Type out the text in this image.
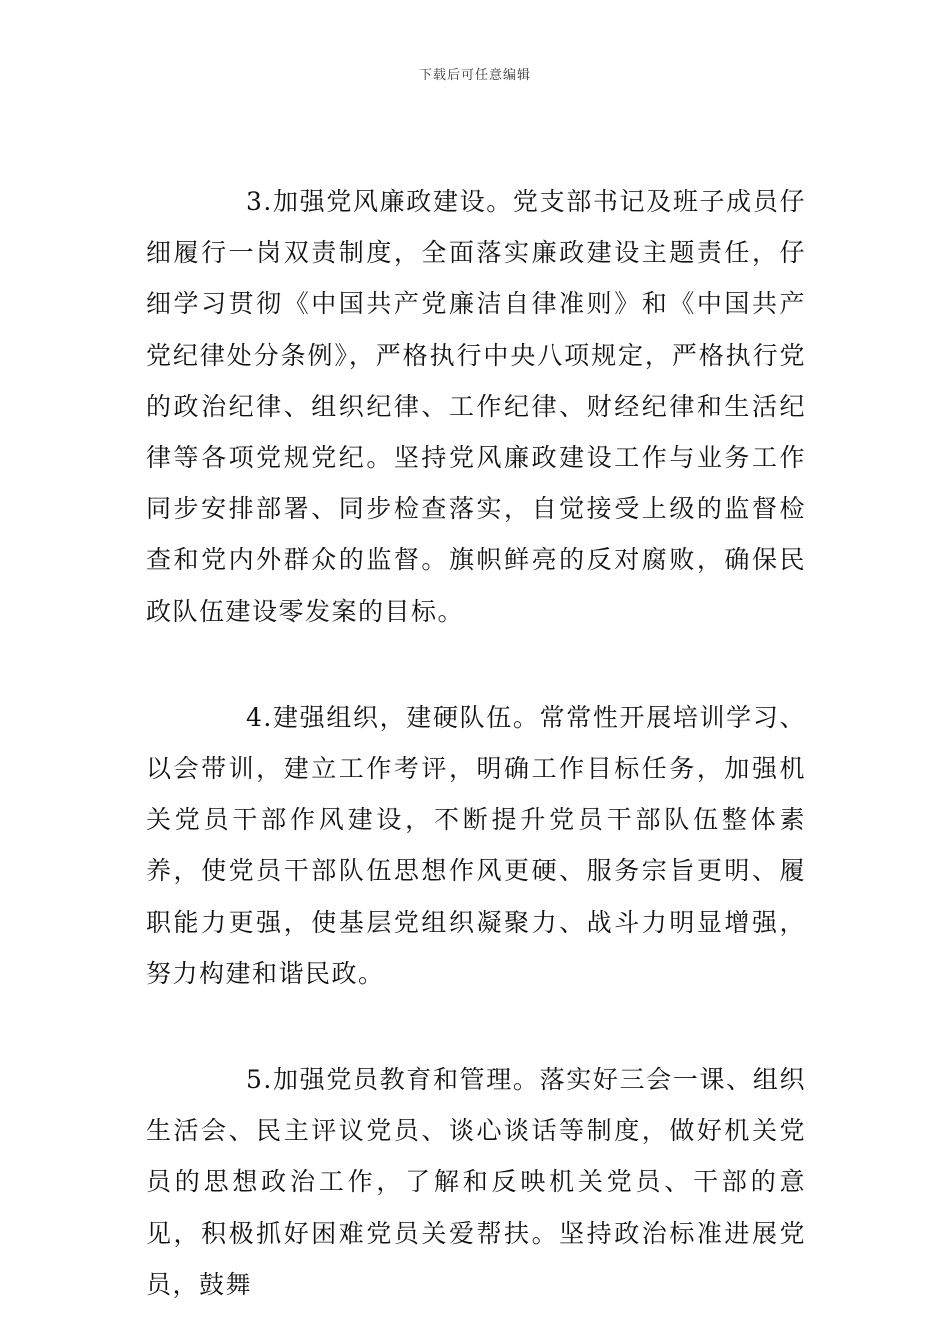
下载后可任意编辑

3.加强党风廉政建设。党支部书记及班子成员仔细履行一岗双责制度，全面落实廉政建设主题责任，仔细学习贯彻《中国共产党廉洁自律准则》和《中国共产党纪律处分条例》，严格执行中央八项规定，严格执行党的政治纪律、组织纪律、工作纪律、财经纪律和生活纪律等各项党规党纪。坚持党风廉政建设工作与业务工作同步安排部署、同步检查落实，自觉接受上级的监督检查和党内外群众的监督。旗帜鲜亮的反对腐败，确保民政队伍建设零发案的目标。

4.建强组织，建硬队伍。常常性开展培训学习、以会带训，建立工作考评，明确工作目标任务，加强机关党员干部作风建设，不断提升党员干部队伍整体素养，使党员干部队伍思想作风更硬、服务宗旨更明、履职能力更强，使基层党组织凝聚力、战斗力明显增强，努力构建和谐民政。

5.加强党员教育和管理。落实好三会一课、组织生活会、民主评议党员、谈心谈话等制度，做好机关党员的思想政治工作，了解和反映机关党员、干部的意见，积极抓好困难党员关爱帮扶。坚持政治标准进展党员，鼓舞
